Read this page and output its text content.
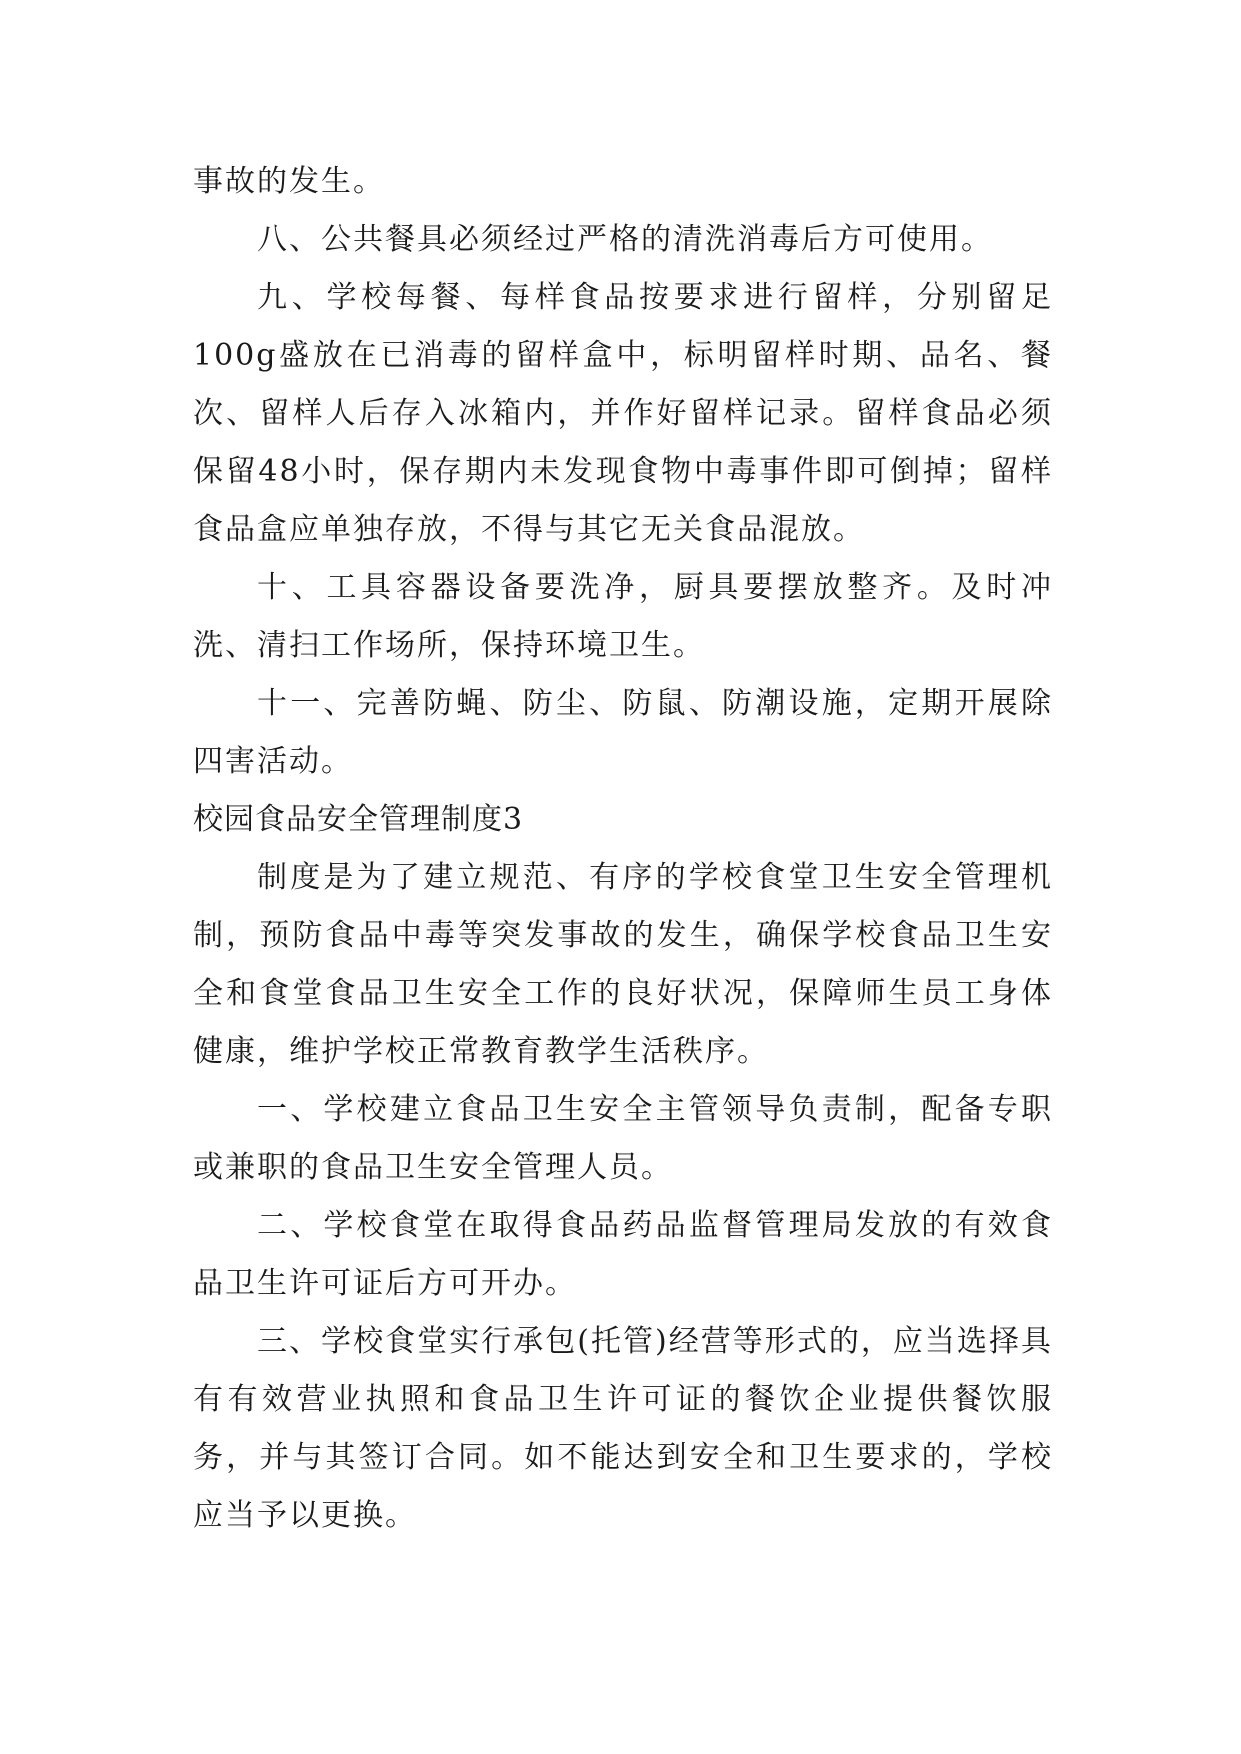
事故的发生。

八、公共餐具必须经过严格的清洗消毒后方可使用。

九、学校每餐、每样食品按要求进行留样，分别留足100g盛放在已消毒的留样盒中，标明留样时期、品名、餐次、留样人后存入冰箱内，并作好留样记录。留样食品必须保留48小时，保存期内未发现食物中毒事件即可倒掉；留样食品盒应单独存放，不得与其它无关食品混放。

十、工具容器设备要洗净，厨具要摆放整齐。及时冲洗、清扫工作场所，保持环境卫生。

十一、完善防蝇、防尘、防鼠、防潮设施，定期开展除四害活动。

校园食品安全管理制度3

制度是为了建立规范、有序的学校食堂卫生安全管理机制，预防食品中毒等突发事故的发生，确保学校食品卫生安全和食堂食品卫生安全工作的良好状况，保障师生员工身体健康，维护学校正常教育教学生活秩序。

一、学校建立食品卫生安全主管领导负责制，配备专职或兼职的食品卫生安全管理人员。

二、学校食堂在取得食品药品监督管理局发放的有效食品卫生许可证后方可开办。

三、学校食堂实行承包(托管)经营等形式的，应当选择具有有效营业执照和食品卫生许可证的餐饮企业提供餐饮服务，并与其签订合同。如不能达到安全和卫生要求的，学校应当予以更换。
